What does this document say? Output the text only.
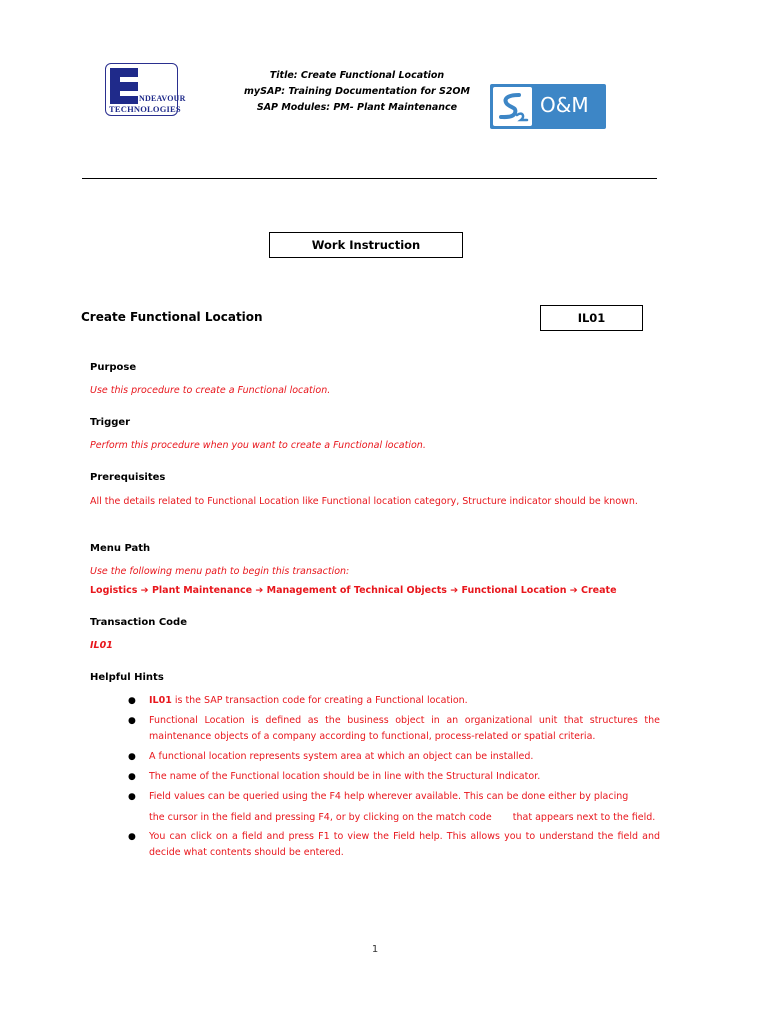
NDEAVOUR
TECHNOLOGIES
Title: Create Functional Location
mySAP: Training Documentation for S2OM
SAP Modules: PM- Plant Maintenance	O&M
Work Instruction
Create Functional Location	IL01
Purpose
Use this procedure to create a Functional location.
Trigger
Perform this procedure when you want to create a Functional location.
Prerequisites
All the details related to Functional Location like Functional location category, Structure indicator should be known.
Menu Path
Use the following menu path to begin this transaction:
Logistics ➔ Plant Maintenance ➔ Management of Technical Objects ➔ Functional Location ➔ Create
Transaction Code
IL01
Helpful Hints
● IL01 is the SAP transaction code for creating a Functional location.
● Functional Location is defined as the business object in an organizational unit that structures the maintenance objects of a company according to functional, process-related or spatial criteria.
● A functional location represents system area at which an object can be installed.
● The name of the Functional location should be in line with the Structural Indicator.
● Field values can be queried using the F4 help wherever available. This can be done either by placing
the cursor in the field and pressing F4, or by clicking on the match code       that appears next to the field.
● You can click on a field and press F1 to view the Field help. This allows you to understand the field and decide what contents should be entered.
1
